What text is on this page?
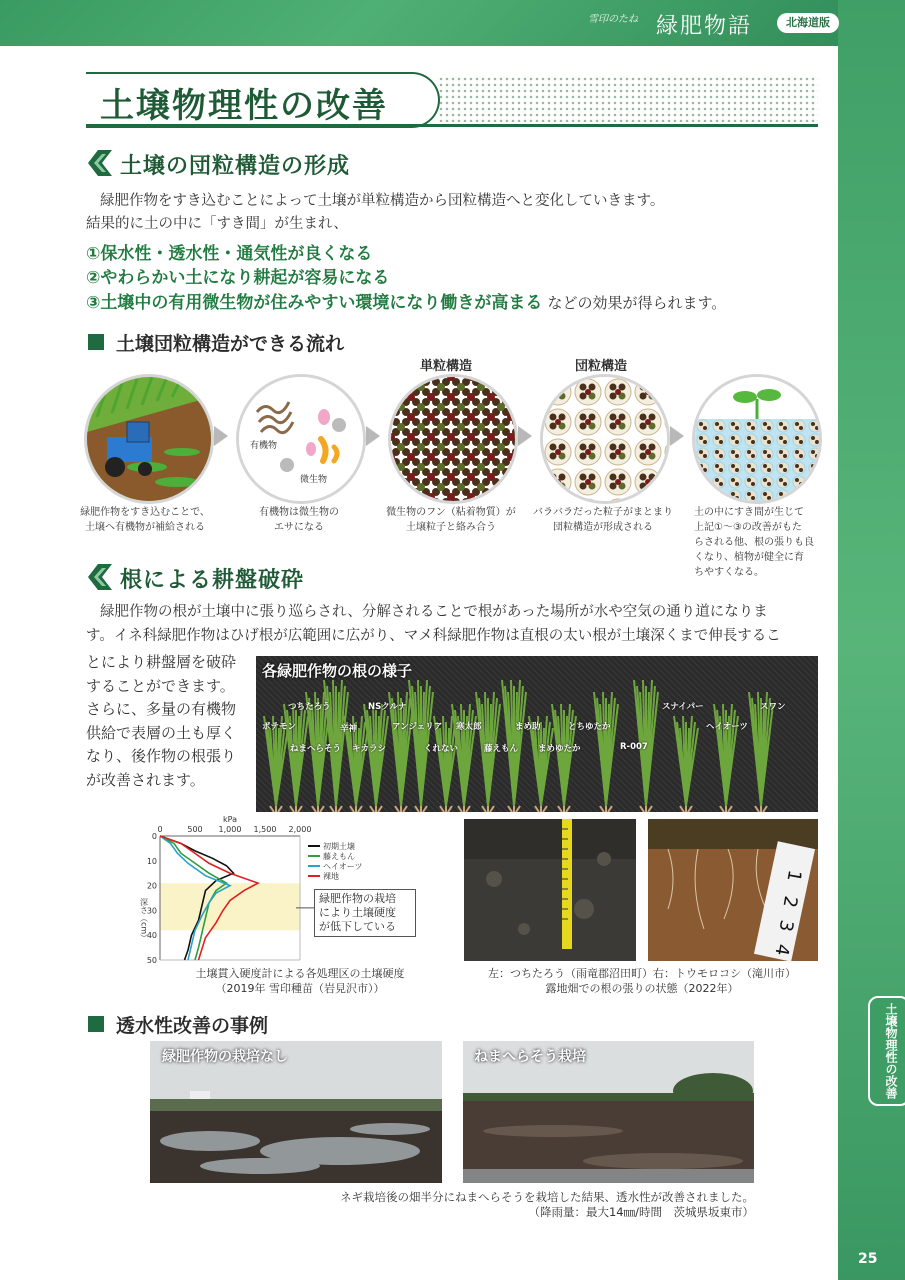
雪印のたね 緑肥物語	北海道版
土壌物理性の改善
土壌の団粒構造の形成
緑肥作物をすき込むことによって土壌が単粒構造から団粒構造へと変化していきます。
結果的に土の中に「すき間」が生まれ、
①保水性・透水性・通気性が良くなる
②やわらかい土になり耕起が容易になる
③土壌中の有用微生物が住みやすい環境になり働きが高まる などの効果が得られます。
土壌団粒構造ができる流れ
単粒構造	団粒構造
有機物
微生物
緑肥作物をすき込むことで、
土壌へ有機物が補給される
有機物は微生物の
エサになる
微生物のフン（粘着物質）が
土壌粒子と絡み合う
バラバラだった粒子がまとまり
団粒構造が形成される
土の中にすき間が生じて
上記①～③の改善がもた
らされる他、根の張りも良
くなり、植物が健全に育
ちやすくなる。
根による耕盤破砕
緑肥作物の根が土壌中に張り巡らされ、分解されることで根があった場所が水や空気の通り道になりま
す。イネ科緑肥作物はひげ根が広範囲に広がり、マメ科緑肥作物は直根の太い根が土壌深くまで伸長するこ
とにより耕盤層を破砕
することができます。
さらに、多量の有機物
供給で表層の土も厚く
なり、後作物の根張り
が改善されます。
各緑肥作物の根の様子
つちたろう
ポテモン
ねまへらそう
辛神
キカラシ
NSクルナ
アンジェリア
くれない
寒太郎
藤えもん
まめ助
まめゆたか
とちゆたか
R-007
スナイパー
ヘイオーツ
スワン
0	500 1,000 1,500 2,000
0
10
20
30
40
50
kPa
深さ（cm）
初期土壌
藤えもん
ヘイオーツ
裸地
緑肥作物の栽培
により土壌硬度
が低下している
土壌貫入硬度計による各処理区の土壌硬度
（2019年 雪印種苗（岩見沢市））
1
2
3
4
左：つちたろう（雨竜郡沼田町）右：トウモロコシ（滝川市）
露地畑での根の張りの状態（2022年）
透水性改善の事例
緑肥作物の栽培なし	ねまへらそう栽培
ネギ栽培後の畑半分にねまへらそうを栽培した結果、透水性が改善されました。
（降雨量：最大14㎜/時間　茨城県坂東市）
土壌物理性の改善
25
